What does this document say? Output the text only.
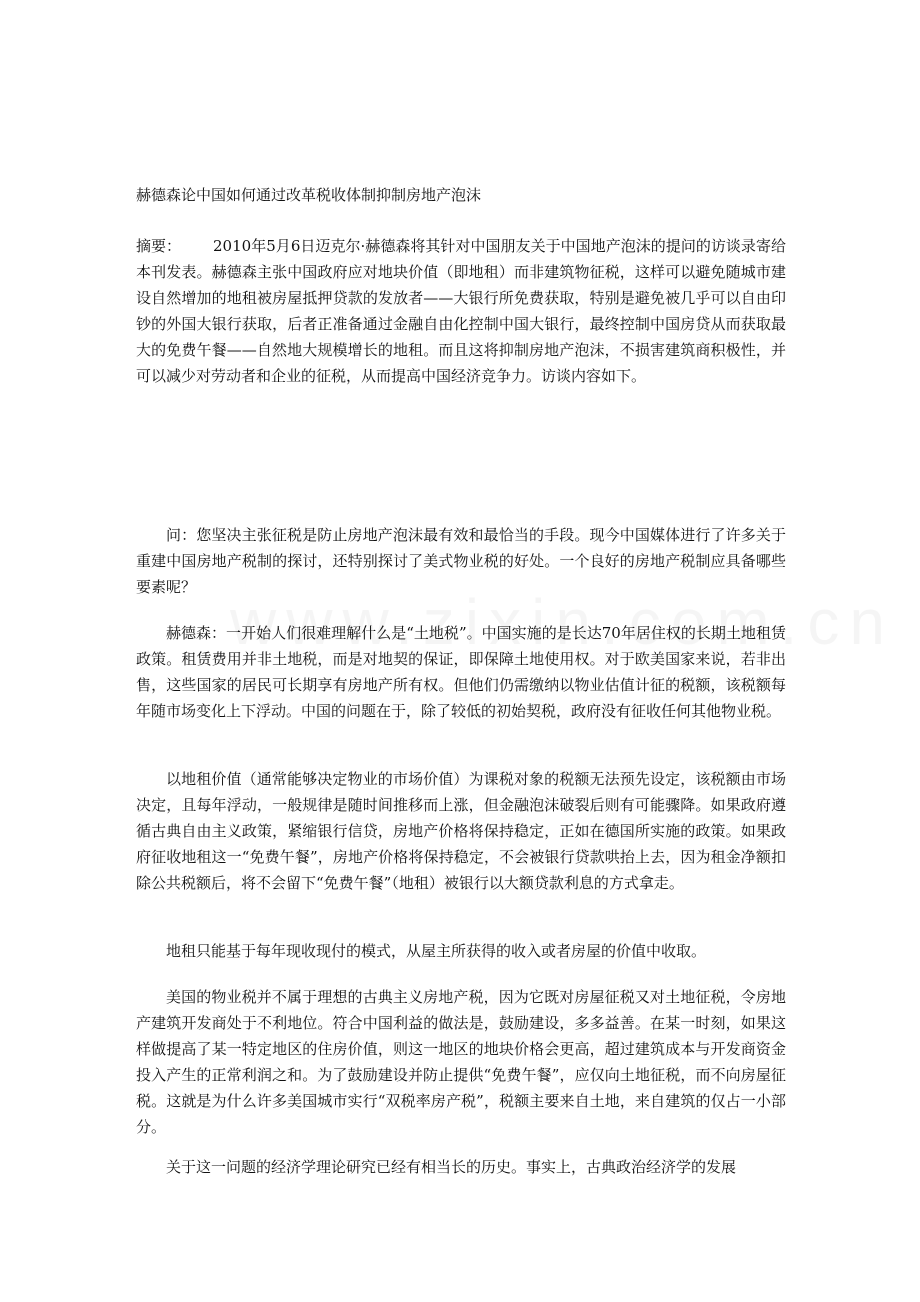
赫德森论中国如何通过改革税收体制抑制房地产泡沫

摘要： 2010年5月6日迈克尔·赫德森将其针对中国朋友关于中国地产泡沫的提问的访谈录寄给本刊发表。赫德森主张中国政府应对地块价值（即地租）而非建筑物征税，这样可以避免随城市建设自然增加的地租被房屋抵押贷款的发放者——大银行所免费获取，特别是避免被几乎可以自由印钞的外国大银行获取，后者正准备通过金融自由化控制中国大银行，最终控制中国房贷从而获取最大的免费午餐——自然地大规模增长的地租。而且这将抑制房地产泡沫，不损害建筑商积极性，并可以减少对劳动者和企业的征税，从而提高中国经济竞争力。访谈内容如下。

问：您坚决主张征税是防止房地产泡沫最有效和最恰当的手段。现今中国媒体进行了许多关于重建中国房地产税制的探讨，还特别探讨了美式物业税的好处。一个良好的房地产税制应具备哪些要素呢？

赫德森：一开始人们很难理解什么是“土地税”。中国实施的是长达70年居住权的长期土地租赁政策。租赁费用并非土地税，而是对地契的保证，即保障土地使用权。对于欧美国家来说，若非出售，这些国家的居民可长期享有房地产所有权。但他们仍需缴纳以物业估值计征的税额，该税额每年随市场变化上下浮动。中国的问题在于，除了较低的初始契税，政府没有征收任何其他物业税。

以地租价值（通常能够决定物业的市场价值）为课税对象的税额无法预先设定，该税额由市场决定，且每年浮动，一般规律是随时间推移而上涨，但金融泡沫破裂后则有可能骤降。如果政府遵循古典自由主义政策，紧缩银行信贷，房地产价格将保持稳定，正如在德国所实施的政策。如果政府征收地租这一“免费午餐”，房地产价格将保持稳定，不会被银行贷款哄抬上去，因为租金净额扣除公共税额后，将不会留下“免费午餐”（地租）被银行以大额贷款利息的方式拿走。

地租只能基于每年现收现付的模式，从屋主所获得的收入或者房屋的价值中收取。

美国的物业税并不属于理想的古典主义房地产税，因为它既对房屋征税又对土地征税，令房地产建筑开发商处于不利地位。符合中国利益的做法是，鼓励建设，多多益善。在某一时刻，如果这样做提高了某一特定地区的住房价值，则这一地区的地块价格会更高，超过建筑成本与开发商资金投入产生的正常利润之和。为了鼓励建设并防止提供“免费午餐”，应仅向土地征税，而不向房屋征税。这就是为什么许多美国城市实行“双税率房产税”，税额主要来自土地，来自建筑的仅占一小部分。

关于这一问题的经济学理论研究已经有相当长的历史。事实上，古典政治经济学的发展
